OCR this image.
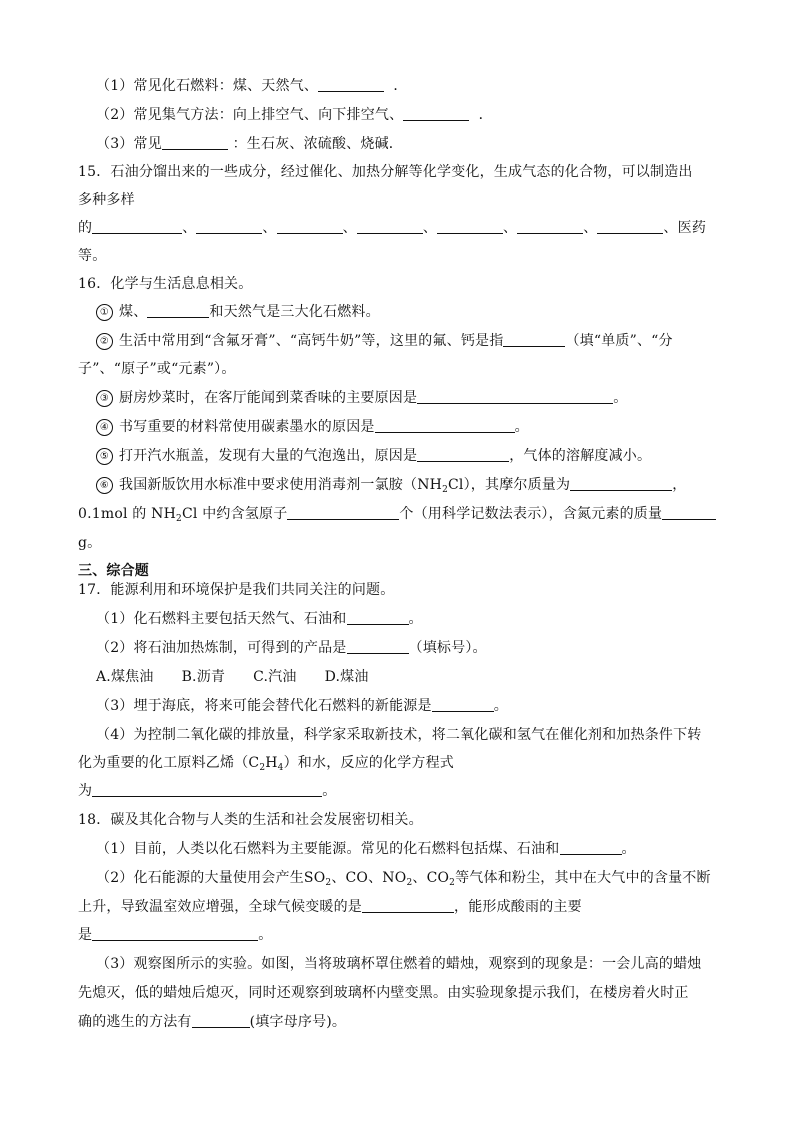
（1）常见化石燃料：煤、天然气、	．
（2）常见集气方法：向上排空气、向下排空气、	．
（3）常见	：生石灰、浓硫酸、烧碱．
15．石油分馏出来的一些成分，经过催化、加热分解等化学变化，生成气态的化合物，可以制造出
多种多样
的	、	、	、	、	、	、	、医药
等。
16．化学与生活息息相关。
① 煤、	和天然气是三大化石燃料。
② 生活中常用到“含氟牙膏”、“高钙牛奶”等，这里的氟、钙是指	（填“单质”、“分
子”、“原子”或“元素”）。
③ 厨房炒菜时，在客厅能闻到菜香味的主要原因是	。
④ 书写重要的材料常使用碳素墨水的原因是	。
⑤ 打开汽水瓶盖，发现有大量的气泡逸出，原因是	，气体的溶解度减小。
⑥ 我国新版饮用水标准中要求使用消毒剂一氯胺$(NH_2Cl)$，其摩尔质量为	，
0.1mol 的 $NH_2Cl$ 中约含氢原子	个（用科学记数法表示），含氮元素的质量
g。
三、综合题
17．能源利用和环境保护是我们共同关注的问题。
（1）化石燃料主要包括天然气、石油和	。
（2）将石油加热炼制，可得到的产品是	（填标号）。
A.煤焦油 B.沥青 C.汽油 D.煤油
（3）埋于海底，将来可能会替代化石燃料的新能源是	。
（4）为控制二氧化碳的排放量，科学家采取新技术，将二氧化碳和氢气在催化剂和加热条件下转
化为重要的化工原料乙烯$(C_2H_4)$和水，反应的化学方程式
为	。
18．碳及其化合物与人类的生活和社会发展密切相关。
（1）目前，人类以化石燃料为主要能源。常见的化石燃料包括煤、石油和	。
（2）化石能源的大量使用会产生$SO_2$、CO、$NO_2$、$CO_2$等气体和粉尘，其中在大气中的含量不断
上升，导致温室效应增强，全球气候变暖的是	，能形成酸雨的主要
是	。
（3）观察图所示的实验。如图，当将玻璃杯罩住燃着的蜡烛，观察到的现象是：一会儿高的蜡烛
先熄灭，低的蜡烛后熄灭，同时还观察到玻璃杯内壁变黑。由实验现象提示我们，在楼房着火时正
确的逃生的方法有	(填字母序号)。
